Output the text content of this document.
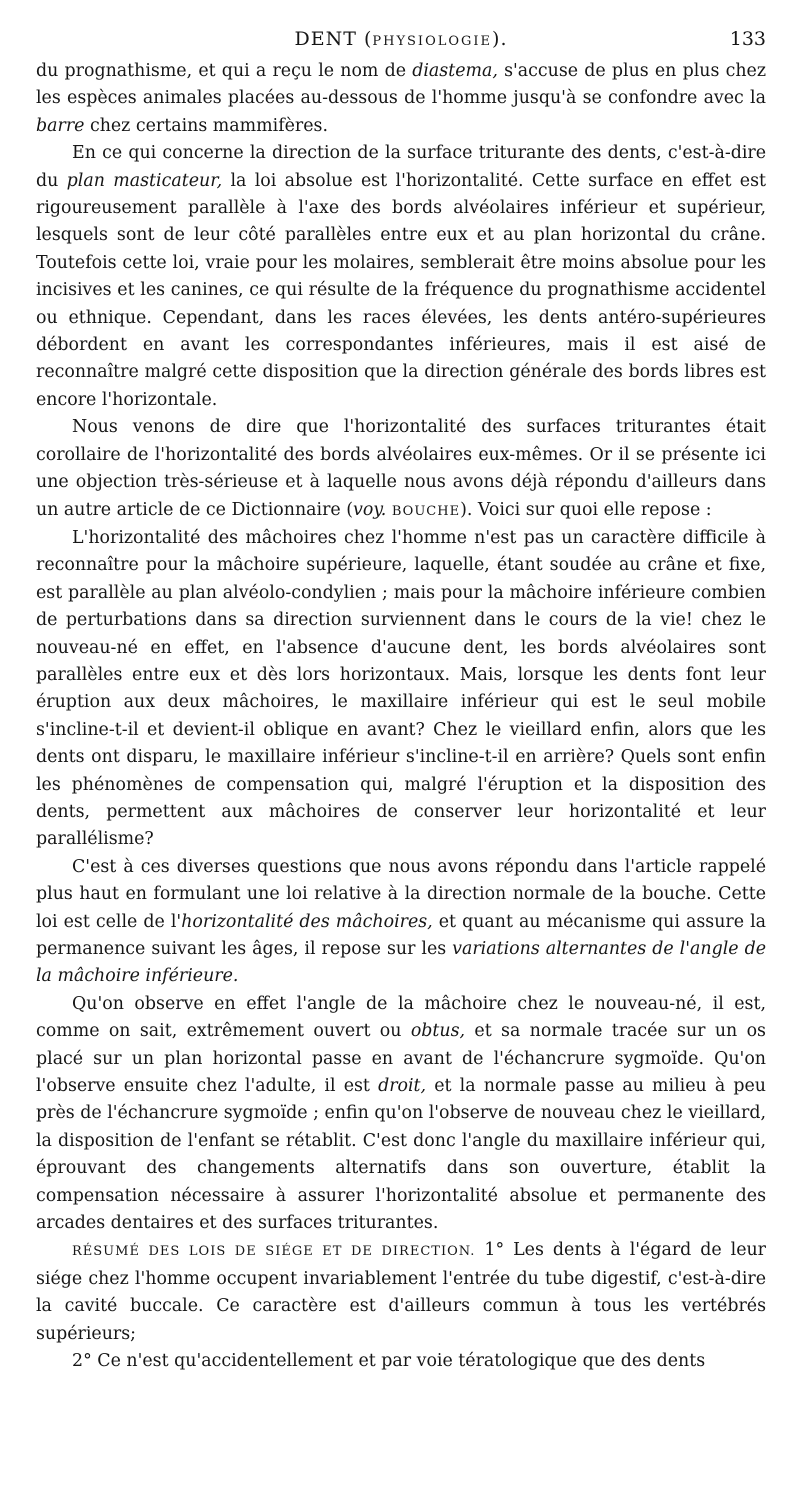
DENT (PHYSIOLOGIE).	133

du prognathisme, et qui a reçu le nom de diastema, s'accuse de plus en plus chez les espèces animales placées au-dessous de l'homme jusqu'à se confondre avec la barre chez certains mammifères.

En ce qui concerne la direction de la surface triturante des dents, c'est-à-dire du plan masticateur, la loi absolue est l'horizontalité. Cette surface en effet est rigoureusement parallèle à l'axe des bords alvéolaires inférieur et supérieur, lesquels sont de leur côté parallèles entre eux et au plan horizontal du crâne. Toutefois cette loi, vraie pour les molaires, semblerait être moins absolue pour les incisives et les canines, ce qui résulte de la fréquence du prognathisme accidentel ou ethnique. Cependant, dans les races élevées, les dents antéro-supérieures débordent en avant les correspondantes inférieures, mais il est aisé de reconnaître malgré cette disposition que la direction générale des bords libres est encore l'horizontale.

Nous venons de dire que l'horizontalité des surfaces triturantes était corollaire de l'horizontalité des bords alvéolaires eux-mêmes. Or il se présente ici une objection très-sérieuse et à laquelle nous avons déjà répondu d'ailleurs dans un autre article de ce Dictionnaire (voy. BOUCHE). Voici sur quoi elle repose :

L'horizontalité des mâchoires chez l'homme n'est pas un caractère difficile à reconnaître pour la mâchoire supérieure, laquelle, étant soudée au crâne et fixe, est parallèle au plan alvéolo-condylien ; mais pour la mâchoire inférieure combien de perturbations dans sa direction surviennent dans le cours de la vie! chez le nouveau-né en effet, en l'absence d'aucune dent, les bords alvéolaires sont parallèles entre eux et dès lors horizontaux. Mais, lorsque les dents font leur éruption aux deux mâchoires, le maxillaire inférieur qui est le seul mobile s'incline-t-il et devient-il oblique en avant? Chez le vieillard enfin, alors que les dents ont disparu, le maxillaire inférieur s'incline-t-il en arrière? Quels sont enfin les phénomènes de compensation qui, malgré l'éruption et la disposition des dents, permettent aux mâchoires de conserver leur horizontalité et leur parallélisme?

C'est à ces diverses questions que nous avons répondu dans l'article rappelé plus haut en formulant une loi relative à la direction normale de la bouche. Cette loi est celle de l'horizontalité des mâchoires, et quant au mécanisme qui assure la permanence suivant les âges, il repose sur les variations alternantes de l'angle de la mâchoire inférieure.

Qu'on observe en effet l'angle de la mâchoire chez le nouveau-né, il est, comme on sait, extrêmement ouvert ou obtus, et sa normale tracée sur un os placé sur un plan horizontal passe en avant de l'échancrure sygmoïde. Qu'on l'observe ensuite chez l'adulte, il est droit, et la normale passe au milieu à peu près de l'échancrure sygmoïde ; enfin qu'on l'observe de nouveau chez le vieillard, la disposition de l'enfant se rétablit. C'est donc l'angle du maxillaire inférieur qui, éprouvant des changements alternatifs dans son ouverture, établit la compensation nécessaire à assurer l'horizontalité absolue et permanente des arcades dentaires et des surfaces triturantes.

RÉSUMÉ DES LOIS DE SIÉGE ET DE DIRECTION. 1° Les dents à l'égard de leur siége chez l'homme occupent invariablement l'entrée du tube digestif, c'est-à-dire la cavité buccale. Ce caractère est d'ailleurs commun à tous les vertébrés supérieurs;

2° Ce n'est qu'accidentellement et par voie tératologique que des dents
